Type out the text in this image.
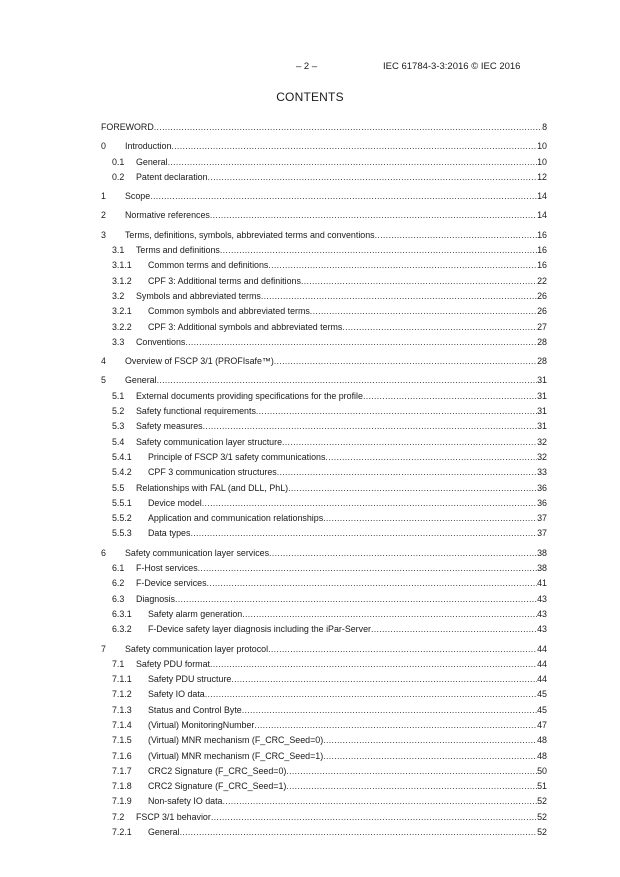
– 2 –	IEC 61784-3-3:2016 © IEC 2016
CONTENTS
FOREWORD .....	8
0	Introduction .....	10
0.1	General .....	10
0.2	Patent declaration .....	12
1	Scope .....	14
2	Normative references .....	14
3	Terms, definitions, symbols, abbreviated terms and conventions .....	16
3.1	Terms and definitions .....	16
3.1.1	Common terms and definitions .....	16
3.1.2	CPF 3: Additional terms and definitions .....	22
3.2	Symbols and abbreviated terms .....	26
3.2.1	Common symbols and abbreviated terms .....	26
3.2.2	CPF 3: Additional symbols and abbreviated terms .....	27
3.3	Conventions .....	28
4	Overview of FSCP 3/1 (PROFIsafe™) .....	28
5	General .....	31
5.1	External documents providing specifications for the profile .....	31
5.2	Safety functional requirements .....	31
5.3	Safety measures .....	31
5.4	Safety communication layer structure .....	32
5.4.1	Principle of FSCP 3/1 safety communications .....	32
5.4.2	CPF 3 communication structures .....	33
5.5	Relationships with FAL (and DLL, PhL) .....	36
5.5.1	Device model .....	36
5.5.2	Application and communication relationships .....	37
5.5.3	Data types .....	37
6	Safety communication layer services .....	38
6.1	F-Host services .....	38
6.2	F-Device services .....	41
6.3	Diagnosis .....	43
6.3.1	Safety alarm generation .....	43
6.3.2	F-Device safety layer diagnosis including the iPar-Server .....	43
7	Safety communication layer protocol .....	44
7.1	Safety PDU format .....	44
7.1.1	Safety PDU structure .....	44
7.1.2	Safety IO data .....	45
7.1.3	Status and Control Byte .....	45
7.1.4	(Virtual) MonitoringNumber .....	47
7.1.5	(Virtual) MNR mechanism (F_CRC_Seed=0) .....	48
7.1.6	(Virtual) MNR mechanism (F_CRC_Seed=1) .....	48
7.1.7	CRC2 Signature (F_CRC_Seed=0) .....	50
7.1.8	CRC2 Signature (F_CRC_Seed=1) .....	51
7.1.9	Non-safety IO data .....	52
7.2	FSCP 3/1 behavior .....	52
7.2.1	General .....	52
